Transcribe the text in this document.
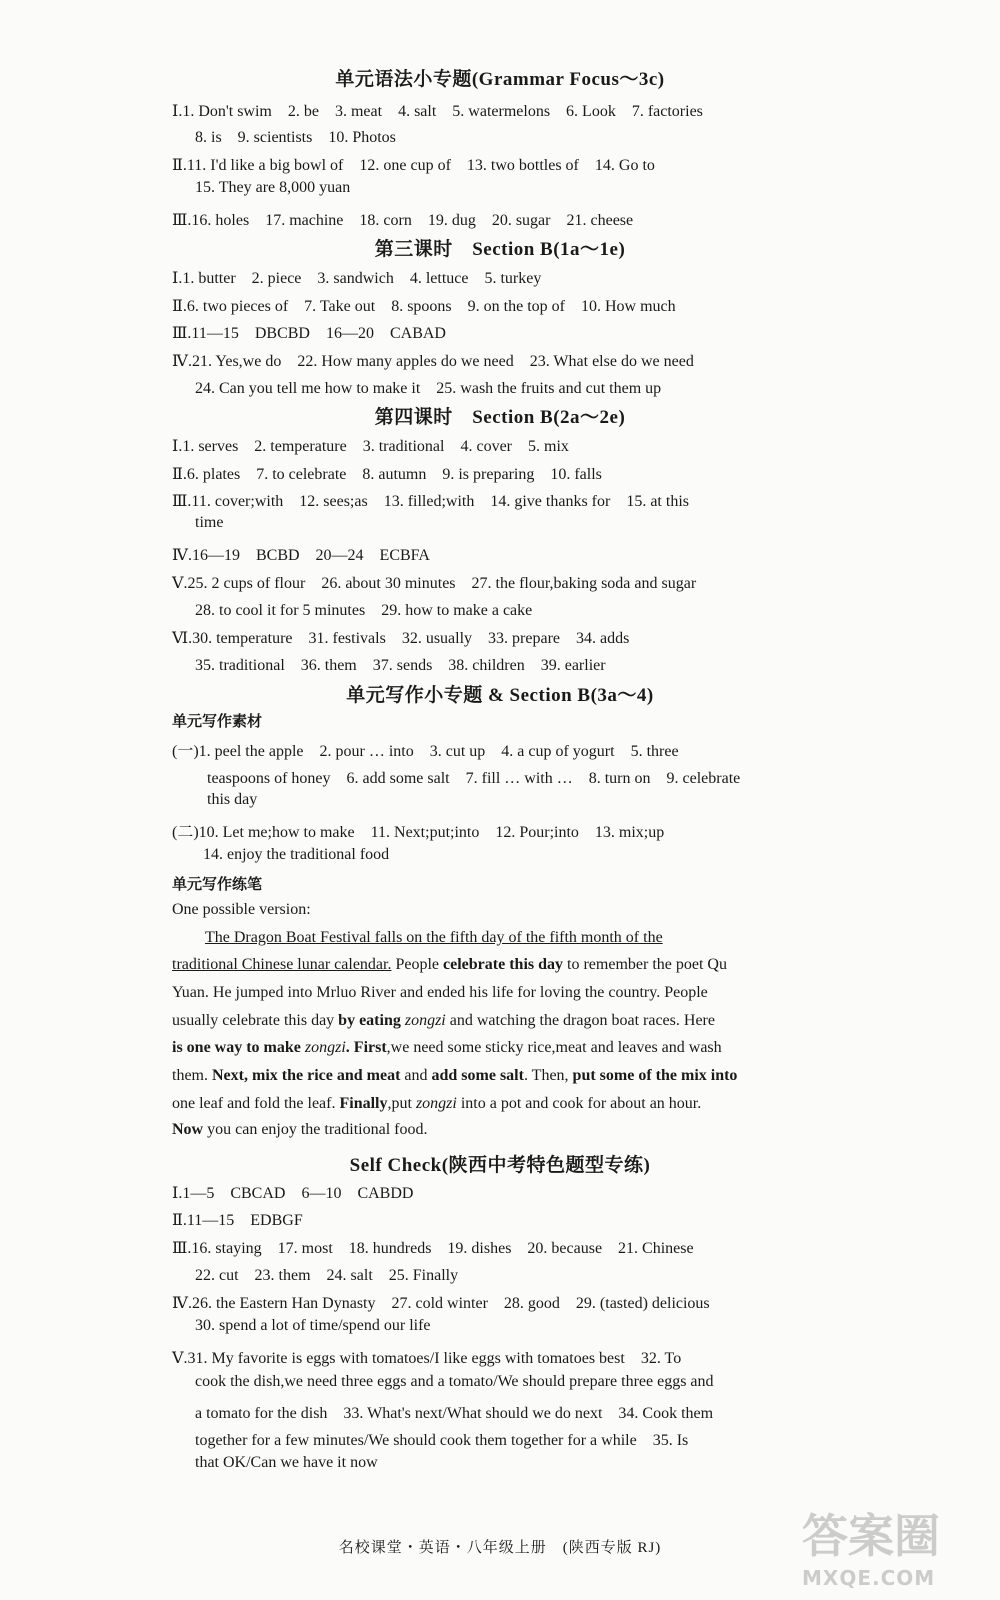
单元语法小专题(Grammar Focus～3c)
Ⅰ.1. Don't swim　2. be　3. meat　4. salt　5. watermelons　6. Look　7. factories
8. is　9. scientists　10. Photos
Ⅱ.11. I'd like a big bowl of　12. one cup of　13. two bottles of　14. Go to
15. They are 8,000 yuan
Ⅲ.16. holes　17. machine　18. corn　19. dug　20. sugar　21. cheese
第三课时　Section B(1a～1e)
Ⅰ.1. butter　2. piece　3. sandwich　4. lettuce　5. turkey
Ⅱ.6. two pieces of　7. Take out　8. spoons　9. on the top of　10. How much
Ⅲ.11—15　DBCBD　16—20　CABAD
Ⅳ.21. Yes,we do　22. How many apples do we need　23. What else do we need
24. Can you tell me how to make it　25. wash the fruits and cut them up
第四课时　Section B(2a～2e)
Ⅰ.1. serves　2. temperature　3. traditional　4. cover　5. mix
Ⅱ.6. plates　7. to celebrate　8. autumn　9. is preparing　10. falls
Ⅲ.11. cover;with　12. sees;as　13. filled;with　14. give thanks for　15. at this
time
Ⅳ.16—19　BCBD　20—24　ECBFA
Ⅴ.25. 2 cups of flour　26. about 30 minutes　27. the flour,baking soda and sugar
28. to cool it for 5 minutes　29. how to make a cake
Ⅵ.30. temperature　31. festivals　32. usually　33. prepare　34. adds
35. traditional　36. them　37. sends　38. children　39. earlier
单元写作小专题 & Section B(3a～4)
单元写作素材
(一)1. peel the apple　2. pour … into　3. cut up　4. a cup of yogurt　5. three
teaspoons of honey　6. add some salt　7. fill … with …　8. turn on　9. celebrate
this day
(二)10. Let me;how to make　11. Next;put;into　12. Pour;into　13. mix;up
14. enjoy the traditional food
单元写作练笔
One possible version:
The Dragon Boat Festival falls on the fifth day of the fifth month of the
traditional Chinese lunar calendar. People celebrate this day to remember the poet Qu
Yuan. He jumped into Mrluo River and ended his life for loving the country. People
usually celebrate this day by eating zongzi and watching the dragon boat races. Here
is one way to make zongzi. First,we need some sticky rice,meat and leaves and wash
them. Next, mix the rice and meat and add some salt. Then, put some of the mix into
one leaf and fold the leaf. Finally,put zongzi into a pot and cook for about an hour.
Now you can enjoy the traditional food.
Self Check(陕西中考特色题型专练)
Ⅰ.1—5　CBCAD　6—10　CABDD
Ⅱ.11—15　EDBGF
Ⅲ.16. staying　17. most　18. hundreds　19. dishes　20. because　21. Chinese
22. cut　23. them　24. salt　25. Finally
Ⅳ.26. the Eastern Han Dynasty　27. cold winter　28. good　29. (tasted) delicious
30. spend a lot of time/spend our life
Ⅴ.31. My favorite is eggs with tomatoes/I like eggs with tomatoes best　32. To
cook the dish,we need three eggs and a tomato/We should prepare three eggs and
a tomato for the dish　33. What's next/What should we do next　34. Cook them
together for a few minutes/We should cook them together for a while　35. Is
that OK/Can we have it now
名校课堂・英语・八年级上册　(陕西专版 RJ)	答案圈
MXQE.COM
